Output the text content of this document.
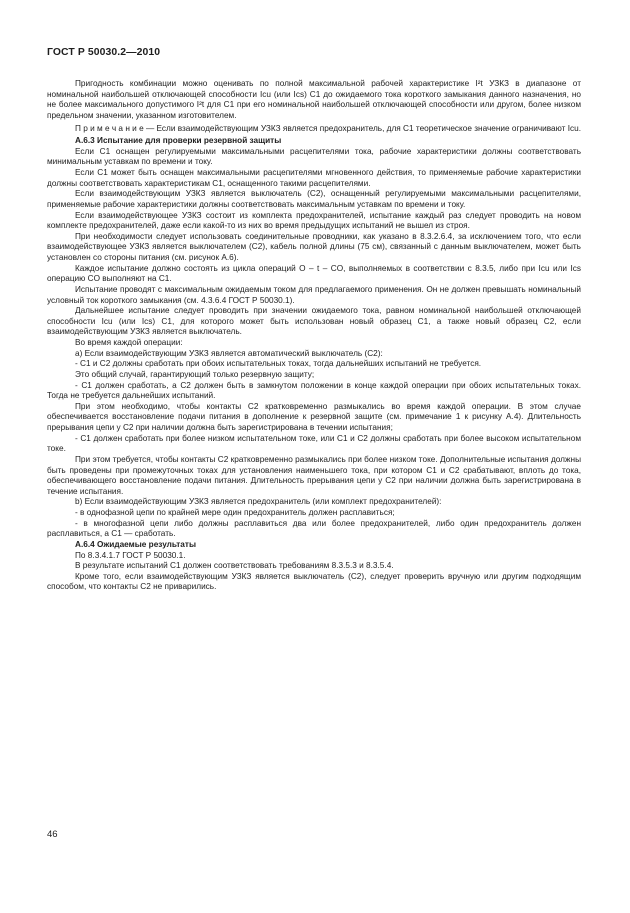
ГОСТ Р 50030.2—2010

Пригодность комбинации можно оценивать по полной максимальной рабочей характеристике I²t УЗКЗ в диапазоне от номинальной наибольшей отключающей способности Icu (или Ics) C1 до ожидаемого тока короткого замыкания данного назначения, но не более максимального допустимого I²t для C1 при его номинальной наибольшей отключающей способности или другом, более низком предельном значении, указанном изготовителем.

П р и м е ч а н и е — Если взаимодействующим УЗКЗ является предохранитель, для C1 теоретическое значение ограничивают Icu.

A.6.3 Испытание для проверки резервной защиты

Если C1 оснащен регулируемыми максимальными расцепителями тока, рабочие характеристики должны соответствовать минимальным уставкам по времени и току.

Если C1 может быть оснащен максимальными расцепителями мгновенного действия, то применяемые рабочие характеристики должны соответствовать характеристикам C1, оснащенного такими расцепителями.

Если взаимодействующим УЗКЗ является выключатель (C2), оснащенный регулируемыми максимальными расцепителями, применяемые рабочие характеристики должны соответствовать максимальным уставкам по времени и току.

Если взаимодействующее УЗКЗ состоит из комплекта предохранителей, испытание каждый раз следует проводить на новом комплекте предохранителей, даже если какой-то из них во время предыдущих испытаний не вышел из строя.

При необходимости следует использовать соединительные проводники, как указано в 8.3.2.6.4, за исключением того, что если взаимодействующее УЗКЗ является выключателем (C2), кабель полной длины (75 см), связанный с данным выключателем, может быть установлен со стороны питания (см. рисунок A.6).

Каждое испытание должно состоять из цикла операций O – t – CO, выполняемых в соответствии с 8.3.5, либо при Icu или Ics операцию CO выполняют на C1.

Испытание проводят с максимальным ожидаемым током для предлагаемого применения. Он не должен превышать номинальный условный ток короткого замыкания (см. 4.3.6.4 ГОСТ Р 50030.1).

Дальнейшее испытание следует проводить при значении ожидаемого тока, равном номинальной наибольшей отключающей способности Icu (или Ics) C1, для которого может быть использован новый образец C1, а также новый образец C2, если взаимодействующим УЗКЗ является выключатель.

Во время каждой операции:

a) Если взаимодействующим УЗКЗ является автоматический выключатель (C2):

- C1 и C2 должны сработать при обоих испытательных токах, тогда дальнейших испытаний не требуется.

Это общий случай, гарантирующий только резервную защиту;

- C1 должен сработать, а C2 должен быть в замкнутом положении в конце каждой операции при обоих испытательных токах. Тогда не требуется дальнейших испытаний.

При этом необходимо, чтобы контакты C2 кратковременно размыкались во время каждой операции. В этом случае обеспечивается восстановление подачи питания в дополнение к резервной защите (см. примечание 1 к рисунку A.4). Длительность прерывания цепи у C2 при наличии должна быть зарегистрирована в течении испытания;

- C1 должен сработать при более низком испытательном токе, или C1 и C2 должны сработать при более высоком испытательном токе.

При этом требуется, чтобы контакты C2 кратковременно размыкались при более низком токе. Дополнительные испытания должны быть проведены при промежуточных токах для установления наименьшего тока, при котором C1 и C2 срабатывают, вплоть до тока, обеспечивающего восстановление подачи питания. Длительность прерывания цепи у C2 при наличии должна быть зарегистрирована в течение испытания.

b) Если взаимодействующим УЗКЗ является предохранитель (или комплект предохранителей):

- в однофазной цепи по крайней мере один предохранитель должен расплавиться;

- в многофазной цепи либо должны расплавиться два или более предохранителей, либо один предохранитель должен расплавиться, а C1 — сработать.

A.6.4 Ожидаемые результаты

По 8.3.4.1.7 ГОСТ Р 50030.1.

В результате испытаний C1 должен соответствовать требованиям 8.3.5.3 и 8.3.5.4.

Кроме того, если взаимодействующим УЗКЗ является выключатель (C2), следует проверить вручную или другим подходящим способом, что контакты C2 не приварились.

46
